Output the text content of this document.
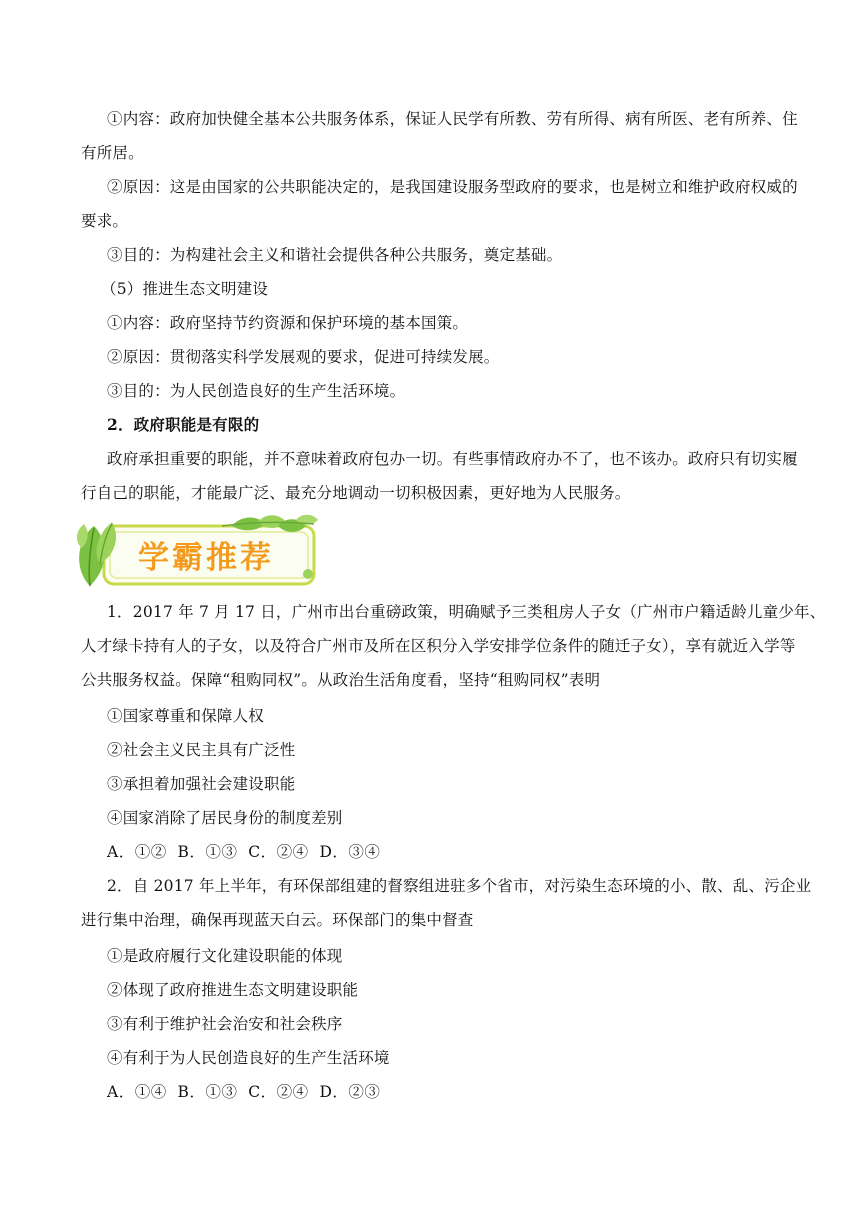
①内容：政府加快健全基本公共服务体系，保证人民学有所教、劳有所得、病有所医、老有所养、住
有所居。
②原因：这是由国家的公共职能决定的，是我国建设服务型政府的要求，也是树立和维护政府权威的
要求。
③目的：为构建社会主义和谐社会提供各种公共服务，奠定基础。
（5）推进生态文明建设
①内容：政府坚持节约资源和保护环境的基本国策。
②原因：贯彻落实科学发展观的要求，促进可持续发展。
③目的：为人民创造良好的生产生活环境。
2．政府职能是有限的
政府承担重要的职能，并不意味着政府包办一切。有些事情政府办不了，也不该办。政府只有切实履
行自己的职能，才能最广泛、最充分地调动一切积极因素，更好地为人民服务。
学霸推荐
1．2017 年 7 月 17 日，广州市出台重磅政策，明确赋予三类租房人子女（广州市户籍适龄儿童少年、
人才绿卡持有人的子女，以及符合广州市及所在区积分入学安排学位条件的随迁子女），享有就近入学等
公共服务权益。保障“租购同权”。从政治生活角度看，坚持“租购同权”表明
①国家尊重和保障人权
②社会主义民主具有广泛性
③承担着加强社会建设职能
④国家消除了居民身份的制度差别
A．①②  B．①③  C．②④  D．③④
2．自 2017 年上半年，有环保部组建的督察组进驻多个省市，对污染生态环境的小、散、乱、污企业
进行集中治理，确保再现蓝天白云。环保部门的集中督查
①是政府履行文化建设职能的体现
②体现了政府推进生态文明建设职能
③有利于维护社会治安和社会秩序
④有利于为人民创造良好的生产生活环境
A．①④  B．①③  C．②④  D．②③
